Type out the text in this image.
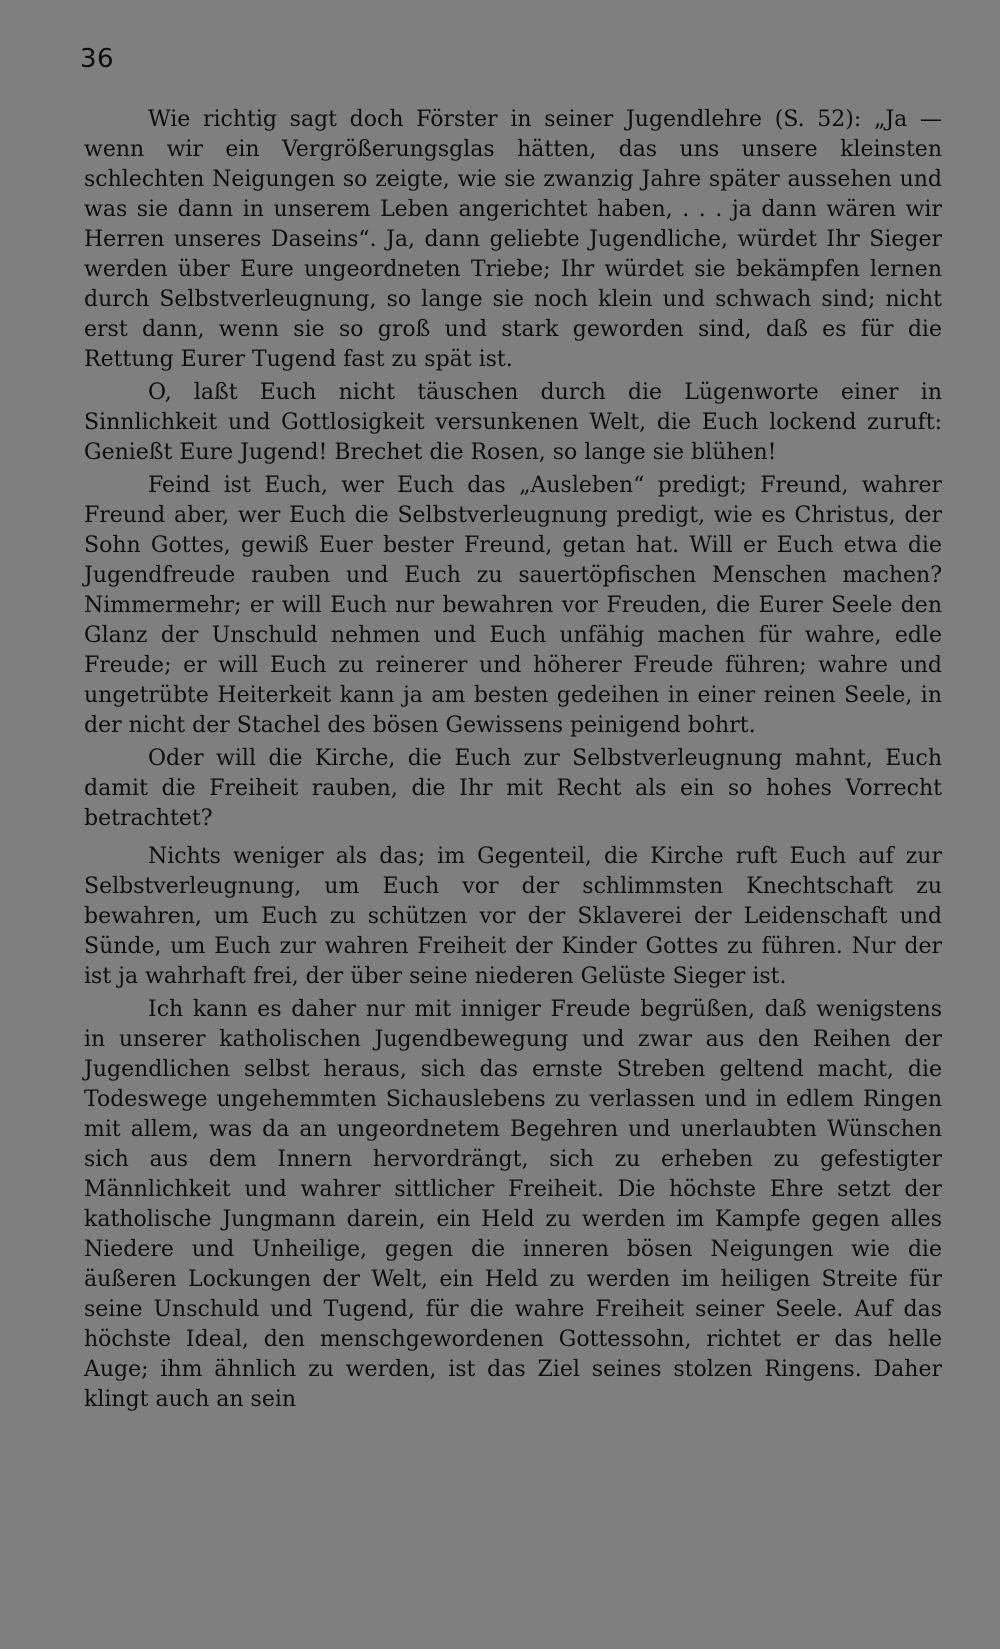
36

Wie richtig sagt doch Förster in seiner Jugendlehre (S. 52): „Ja — wenn wir ein Vergrößerungsglas hätten, das uns unsere kleinsten schlechten Neigungen so zeigte, wie sie zwanzig Jahre später aussehen und was sie dann in unserem Leben angerichtet haben, . . . ja dann wären wir Herren unseres Daseins“. Ja, dann geliebte Jugendliche, würdet Ihr Sieger werden über Eure ungeordneten Triebe; Ihr würdet sie bekämpfen lernen durch Selbstverleugnung, so lange sie noch klein und schwach sind; nicht erst dann, wenn sie so groß und stark geworden sind, daß es für die Rettung Eurer Tugend fast zu spät ist.

O, laßt Euch nicht täuschen durch die Lügenworte einer in Sinnlichkeit und Gottlosigkeit versunkenen Welt, die Euch lockend zuruft: Genießt Eure Jugend! Brechet die Rosen, so lange sie blühen!

Feind ist Euch, wer Euch das „Ausleben“ predigt; Freund, wahrer Freund aber, wer Euch die Selbstverleugnung predigt, wie es Christus, der Sohn Gottes, gewiß Euer bester Freund, getan hat. Will er Euch etwa die Jugendfreude rauben und Euch zu sauertöpfischen Menschen machen? Nimmermehr; er will Euch nur bewahren vor Freuden, die Eurer Seele den Glanz der Unschuld nehmen und Euch unfähig machen für wahre, edle Freude; er will Euch zu reinerer und höherer Freude führen; wahre und ungetrübte Heiterkeit kann ja am besten gedeihen in einer reinen Seele, in der nicht der Stachel des bösen Gewissens peinigend bohrt.

Oder will die Kirche, die Euch zur Selbstverleugnung mahnt, Euch damit die Freiheit rauben, die Ihr mit Recht als ein so hohes Vorrecht betrachtet?

Nichts weniger als das; im Gegenteil, die Kirche ruft Euch auf zur Selbstverleugnung, um Euch vor der schlimmsten Knechtschaft zu bewahren, um Euch zu schützen vor der Sklaverei der Leidenschaft und Sünde, um Euch zur wahren Freiheit der Kinder Gottes zu führen. Nur der ist ja wahrhaft frei, der über seine niederen Gelüste Sieger ist.

Ich kann es daher nur mit inniger Freude begrüßen, daß wenigstens in unserer katholischen Jugendbewegung und zwar aus den Reihen der Jugendlichen selbst heraus, sich das ernste Streben geltend macht, die Todeswege ungehemmten Sichauslebens zu verlassen und in edlem Ringen mit allem, was da an ungeordnetem Begehren und unerlaubten Wünschen sich aus dem Innern hervordrängt, sich zu erheben zu gefestigter Männlichkeit und wahrer sittlicher Freiheit. Die höchste Ehre setzt der katholische Jungmann darein, ein Held zu werden im Kampfe gegen alles Niedere und Unheilige, gegen die inneren bösen Neigungen wie die äußeren Lockungen der Welt, ein Held zu werden im heiligen Streite für seine Unschuld und Tugend, für die wahre Freiheit seiner Seele. Auf das höchste Ideal, den menschgewordenen Gottessohn, richtet er das helle Auge; ihm ähnlich zu werden, ist das Ziel seines stolzen Ringens. Daher klingt auch an sein
